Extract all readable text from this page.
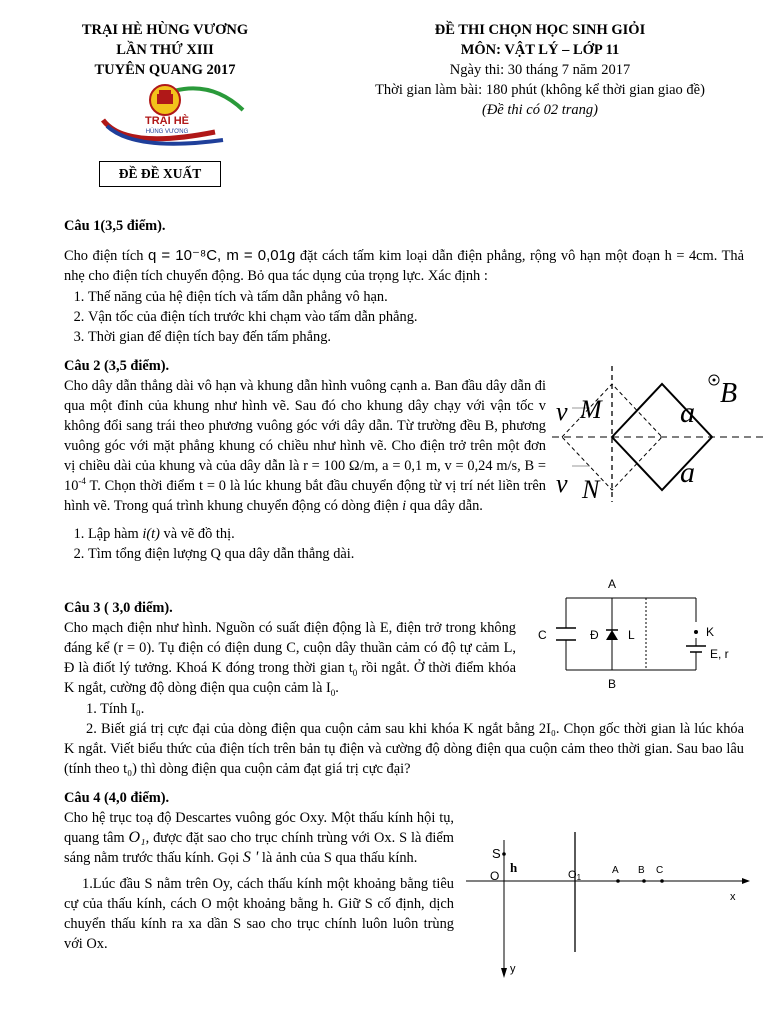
TRẠI HÈ HÙNG VƯƠNG
LẦN THỨ XIII
TUYÊN QUANG 2017
TRẠI HÈ
HÙNG VƯƠNG
ĐỀ THI CHỌN HỌC SINH GIỎI
MÔN: VẬT LÝ – LỚP 11
Ngày thi: 30 tháng 7 năm 2017
Thời gian làm bài: 180 phút (không kể thời gian giao đề)
(Đề thi có 02 trang)
ĐỀ ĐỀ XUẤT
Câu 1(3,5 điểm).
Cho điện tích q = 10⁻⁸C, m = 0,01g đặt cách tấm kim loại dẫn điện phẳng, rộng vô hạn một đoạn h = 4cm. Thả nhẹ cho điện tích chuyển động. Bỏ qua tác dụng của trọng lực. Xác định :
1. Thế năng của hệ điện tích và tấm dẫn phẳng vô hạn.
2. Vận tốc của điện tích trước khi chạm vào tấm dẫn phẳng.
3. Thời gian để điện tích bay đến tấm phẳng.
Câu 2 (3,5 điểm).
Cho dây dẫn thẳng dài vô hạn và khung dẫn hình vuông cạnh a. Ban đầu dây dẫn đi qua một đỉnh của khung như hình vẽ. Sau đó cho khung dây chạy với vận tốc v không đổi sang trái theo phương vuông góc với dây dẫn. Từ trường đều B, phương vuông góc với mặt phẳng khung có chiều như hình vẽ. Cho điện trở trên một đơn vị chiều dài của khung và của dây dẫn là r = 100 Ω/m, a = 0,1 m, v = 0,24 m/s, $B = 10^{-4}$ T. Chọn thời điểm t = 0 là lúc khung bắt đầu chuyển động từ vị trí nét liền trên hình vẽ. Trong quá trình khung chuyển động có dòng điện i qua dây dẫn.
1. Lập hàm i(t) và vẽ đồ thị.
2. Tìm tổng điện lượng Q qua dây dẫn thẳng dài.
v M
v N
a
a
B
Câu 3 ( 3,0 điểm).
Cho mạch điện như hình. Nguồn có suất điện động là E, điện trở trong không đáng kể (r = 0). Tụ điện có điện dung C, cuộn dây thuần cảm có độ tự cảm L, Đ là điốt lý tưởng. Khoá K đóng trong thời gian $t_0$ rồi ngắt. Ở thời điểm khóa K ngắt, cường độ dòng điện qua cuộn cảm là $I_0$.
1. Tính I₀.
2. Biết giá trị cực đại của dòng điện qua cuộn cảm sau khi khóa K ngắt bằng 2I₀. Chọn gốc thời gian là lúc khóa K ngắt. Viết biểu thức của điện tích trên bản tụ điện và cường độ dòng điện qua cuộn cảm theo thời gian. Sau bao lâu (tính theo t₀) thì dòng điện qua cuộn cảm đạt giá trị cực đại?
A
B
C	Đ L	K
E, r
Câu 4 (4,0 điểm).
Cho hệ trục toạ độ Descartes vuông góc Oxy. Một thấu kính hội tụ, quang tâm O₁, được đặt sao cho trục chính trùng với Ox. S là điểm sáng nằm trước thấu kính. Gọi S ' là ảnh của S qua thấu kính.
1.Lúc đầu S nằm trên Oy, cách thấu kính một khoảng bằng tiêu cự của thấu kính, cách O một khoảng bằng h. Giữ S cố định, dịch chuyển thấu kính ra xa dần S sao cho trục chính luôn luôn trùng với Ox.
S
h
O	O1
A B C
x
y
